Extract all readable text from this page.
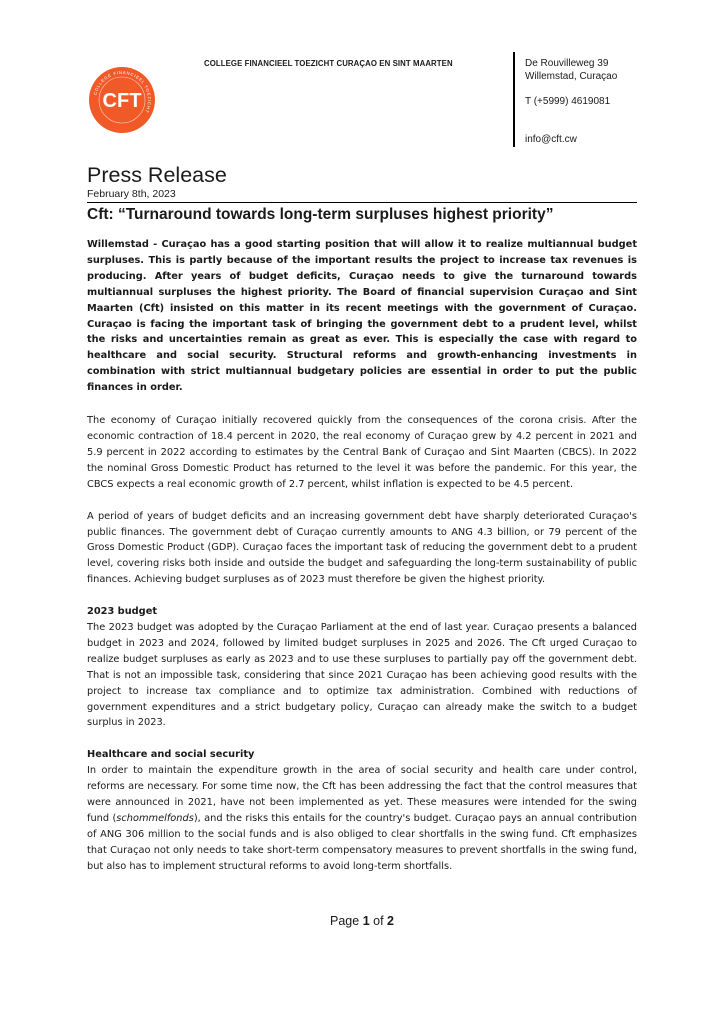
COLLEGE FINANCIEEL TOEZICHT
CFT
COLLEGE FINANCIEEL TOEZICHT CURAÇAO EN SINT MAARTEN	De Rouvilleweg 39
Willemstad, Curaçao
T (+5999) 4619081
info@cft.cw
Press Release
February 8th, 2023
Cft: “Turnaround towards long-term surpluses highest priority”

Willemstad - Curaçao has a good starting position that will allow it to realize multiannual budget surpluses. This is partly because of the important results the project to increase tax revenues is producing. After years of budget deficits, Curaçao needs to give the turnaround towards multiannual surpluses the highest priority. The Board of financial supervision Curaçao and Sint Maarten (Cft) insisted on this matter in its recent meetings with the government of Curaçao. Curaçao is facing the important task of bringing the government debt to a prudent level, whilst the risks and uncertainties remain as great as ever. This is especially the case with regard to healthcare and social security. Structural reforms and growth-enhancing investments in combination with strict multiannual budgetary policies are essential in order to put the public finances in order.

The economy of Curaçao initially recovered quickly from the consequences of the corona crisis. After the economic contraction of 18.4 percent in 2020, the real economy of Curaçao grew by 4.2 percent in 2021 and 5.9 percent in 2022 according to estimates by the Central Bank of Curaçao and Sint Maarten (CBCS). In 2022 the nominal Gross Domestic Product has returned to the level it was before the pandemic. For this year, the CBCS expects a real economic growth of 2.7 percent, whilst inflation is expected to be 4.5 percent.

A period of years of budget deficits and an increasing government debt have sharply deteriorated Curaçao's public finances. The government debt of Curaçao currently amounts to ANG 4.3 billion, or 79 percent of the Gross Domestic Product (GDP). Curaçao faces the important task of reducing the government debt to a prudent level, covering risks both inside and outside the budget and safeguarding the long-term sustainability of public finances. Achieving budget surpluses as of 2023 must therefore be given the highest priority.

2023 budget

The 2023 budget was adopted by the Curaçao Parliament at the end of last year. Curaçao presents a balanced budget in 2023 and 2024, followed by limited budget surpluses in 2025 and 2026. The Cft urged Curaçao to realize budget surpluses as early as 2023 and to use these surpluses to partially pay off the government debt. That is not an impossible task, considering that since 2021 Curaçao has been achieving good results with the project to increase tax compliance and to optimize tax administration. Combined with reductions of government expenditures and a strict budgetary policy, Curaçao can already make the switch to a budget surplus in 2023.

Healthcare and social security

In order to maintain the expenditure growth in the area of social security and health care under control, reforms are necessary. For some time now, the Cft has been addressing the fact that the control measures that were announced in 2021, have not been implemented as yet. These measures were intended for the swing fund (schommelfonds), and the risks this entails for the country's budget. Curaçao pays an annual contribution of ANG 306 million to the social funds and is also obliged to clear shortfalls in the swing fund. Cft emphasizes that Curaçao not only needs to take short-term compensatory measures to prevent shortfalls in the swing fund, but also has to implement structural reforms to avoid long-term shortfalls.

Page 1 of 2
